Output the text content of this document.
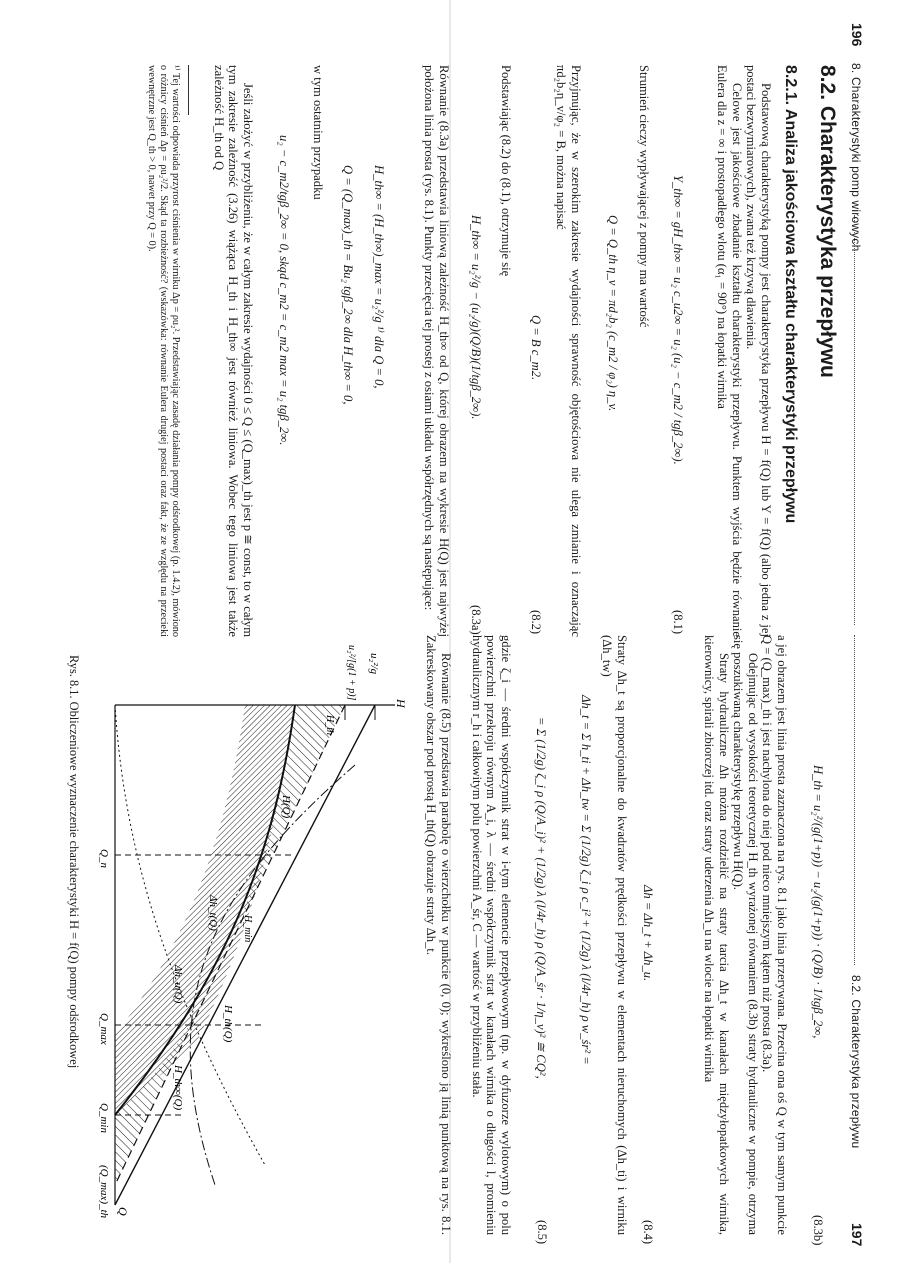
196
8. Charakterystyki pomp wirowych
8.2. Charakterystyka przepływu
8.2.1. Analiza jakościowa kształtu charakterystyki przepływu

Podstawową charakterystyką pompy jest charakterystyka przepływu H = f(Q) lub Y = f(Q) (albo jedna z jej postaci bezwymiarowych), zwana też krzywą dławienia.

Celowe jest jakościowe zbadanie kształtu charakterystyki przepływu. Punktem wyjścia będzie równanie Eulera dla z = ∞ i prostopadłego wlotu (α₁ = 90°) na łopatki wirnika

Y_th∞ = gH_th∞ = u₂ c_u2∞ = u₂ (u₂ − c_m2 / tgβ_2∞).
(8.1)

Strumień cieczy wypływającej z pompy ma wartość

Q = Q_th η_v = πd₂b₂ (c_m2 / φ₂) η_v.

Przyjmując, że w szerokim zakresie wydajności sprawność objętościowa nie ulega zmianie i oznaczając πd₂b₂η_v/φ₂ = B, można napisać

Q = B c_m2.
(8.2)

Podstawiając (8.2) do (8.1), otrzymuje się

H_th∞ = u₂²/g − (u₂/g)(Q/B)(1/tgβ_2∞).
(8.3a)

Równanie (8.3a) przedstawia liniową zależność H_th∞ od Q, której obrazem na wykresie H(Q) jest najwyżej położona linia prosta (rys. 8.1). Punkty przecięcia tej prostej z osiami układu współrzędnych są następujące:

H_th∞ = (H_th∞)_max = u₂²/g ¹⁾ dla Q = 0,
Q = (Q_max)_th = Bu₂ tgβ_2∞ dla H_th∞ = 0,

w tym ostatnim przypadku

u₂ − c_m2/tgβ_2∞ = 0, skąd c_m2 = c_m2 max = u₂ tgβ_2∞.

Jeśli założyć w przybliżeniu, że w całym zakresie wydajności 0 ≤ Q ≤ (Q_max)_th jest p ≅ const, to w całym tym zakresie zależność (3.26) wiążąca H_th i H_th∞ jest również liniowa. Wobec tego liniowa jest także zależność H_th od Q

¹⁾ Tej wartości odpowiada przyrost ciśnienia w wirniku Δp = ρu₂². Przedstawiając zasadę działania pompy odśrodkowej (p. 1.4.2), mówiono o różnicy ciśnień Δp = ρu₂²/2. Skąd ta rozbieżność? (wskazówka: równanie Eulera drugiej postaci oraz fakt, że ze względu na przecieki wewnętrzne jest Q_th > 0, nawet przy Q = 0).

8.2. Charakterystyka przepływu
197
H_th = u₂²/(g(1+p)) − u₂/(g(1+p)) · (Q/B) · 1/tgβ_2∞,
(8.3b)

a jej obrazem jest linia prosta zaznaczona na rys. 8.1 jako linia przerywana. Przecina ona oś Q w tym samym punkcie Q = (Q_max)_th i jest nachylona do niej pod nieco mniejszym kątem niż prosta (8.3a).

Odejmując od wysokości teoretycznej H_th wyrażonej równaniem (8.3b) straty hydrauliczne w pompie, otrzyma się poszukiwaną charakterystykę przepływu H(Q).

Straty hydrauliczne Δh można rozdzielić na straty tarcia Δh_t w kanałach międzyłopatkowych wirnika, kierownicy, spirali zbiorczej itd. oraz straty uderzenia Δh_u na wlocie na łopatki wirnika

Δh = Δh_t + Δh_u.
(8.4)

Straty Δh_t są proporcjonalne do kwadratów prędkości przepływu w elementach nieruchomych (Δh_ti) i wirniku (Δh_tw)

Δh_t = Σ h_ti + Δh_tw = Σ (1/2g) ζ_i ρ c_i² + (1/2g) λ (l/4r_h) ρ w_śr² =
= Σ (1/2g) ζ_i ρ (Q/A_i)² + (1/2g) λ (l/4r_h) ρ (Q/A_śr · 1/η_v)² ≅ CQ²,
(8.5)

gdzie ζ_i — średni współczynnik strat w i-tym elemencie przepływowym (np. w dyfuzorze wylotowym) o polu powierzchni przekroju równym A_i, λ — średni współczynnik strat w kanałach wirnika o długości l, promieniu hydraulicznym r_h i całkowitym polu powierzchni A_śr, C — wartość w przybliżeniu stała.

Równanie (8.5) przedstawia parabolę o wierzchołku w punkcie (0, 0); wykreślono ją linią punktową na rys. 8.1. Zakreskowany obszar pod prostą H_th(Q) obrazuje straty Δh_t.

H
Q
u₂²/g
u₂²/[g(1 + p)]
H_th
H_th∞(Q)
H_th(Q)
H(Q)
Δh_t(Q)
Δh_u(Q)
H_min
Q_n
Q_max
Q_min
(Q_max)_th
Rys. 8.1. Obliczeniowe wyznaczenie charakterystyki H = f(Q) pompy odśrodkowej
